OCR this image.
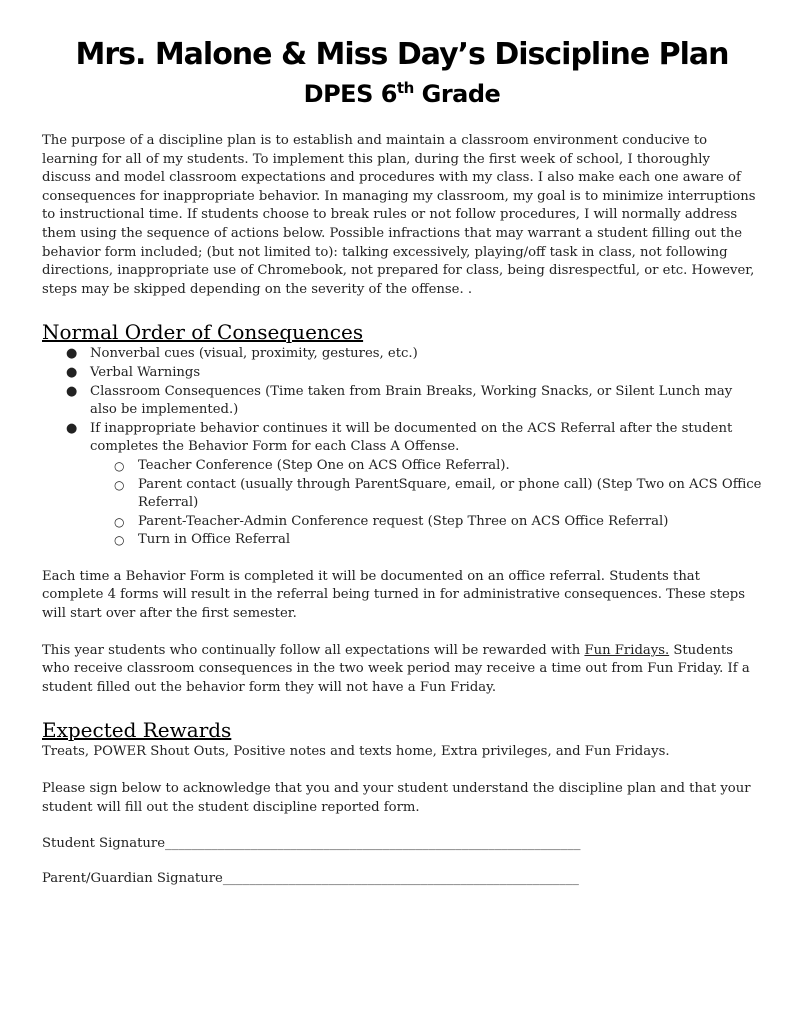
Mrs. Malone & Miss Day’s Discipline Plan
DPES 6th Grade

The purpose of a discipline plan is to establish and maintain a classroom environment conducive to learning for all of my students. To implement this plan, during the first week of school, I thoroughly discuss and model classroom expectations and procedures with my class. I also make each one aware of consequences for inappropriate behavior. In managing my classroom, my goal is to minimize interruptions to instructional time. If students choose to break rules or not follow procedures, I will normally address them using the sequence of actions below. Possible infractions that may warrant a student filling out the behavior form included; (but not limited to): talking excessively, playing/off task in class, not following directions, inappropriate use of Chromebook, not prepared for class, being disrespectful, or etc. However, steps may be skipped depending on the severity of the offense. .

Normal Order of Consequences
● Nonverbal cues (visual, proximity, gestures, etc.)
● Verbal Warnings
● Classroom Consequences (Time taken from Brain Breaks, Working Snacks, or Silent Lunch may also be implemented.)
● If inappropriate behavior continues it will be documented on the ACS Referral after the student completes the Behavior Form for each Class A Offense.
○ Teacher Conference (Step One on ACS Office Referral).
○ Parent contact (usually through ParentSquare, email, or phone call) (Step Two on ACS Office Referral)
○ Parent-Teacher-Admin Conference request (Step Three on ACS Office Referral)
○ Turn in Office Referral

Each time a Behavior Form is completed it will be documented on an office referral. Students that complete 4 forms will result in the referral being turned in for administrative consequences. These steps will start over after the first semester.

This year students who continually follow all expectations will be rewarded with Fun Fridays. Students who receive classroom consequences in the two week period may receive a time out from Fun Friday. If a student filled out the behavior form they will not have a Fun Friday.

Expected Rewards

Treats, POWER Shout Outs, Positive notes and texts home, Extra privileges, and Fun Fridays.

Please sign below to acknowledge that you and your student understand the discipline plan and that your student will fill out the student discipline reported form.

Student Signature_______________________________________________________________
Parent/Guardian Signature______________________________________________________
